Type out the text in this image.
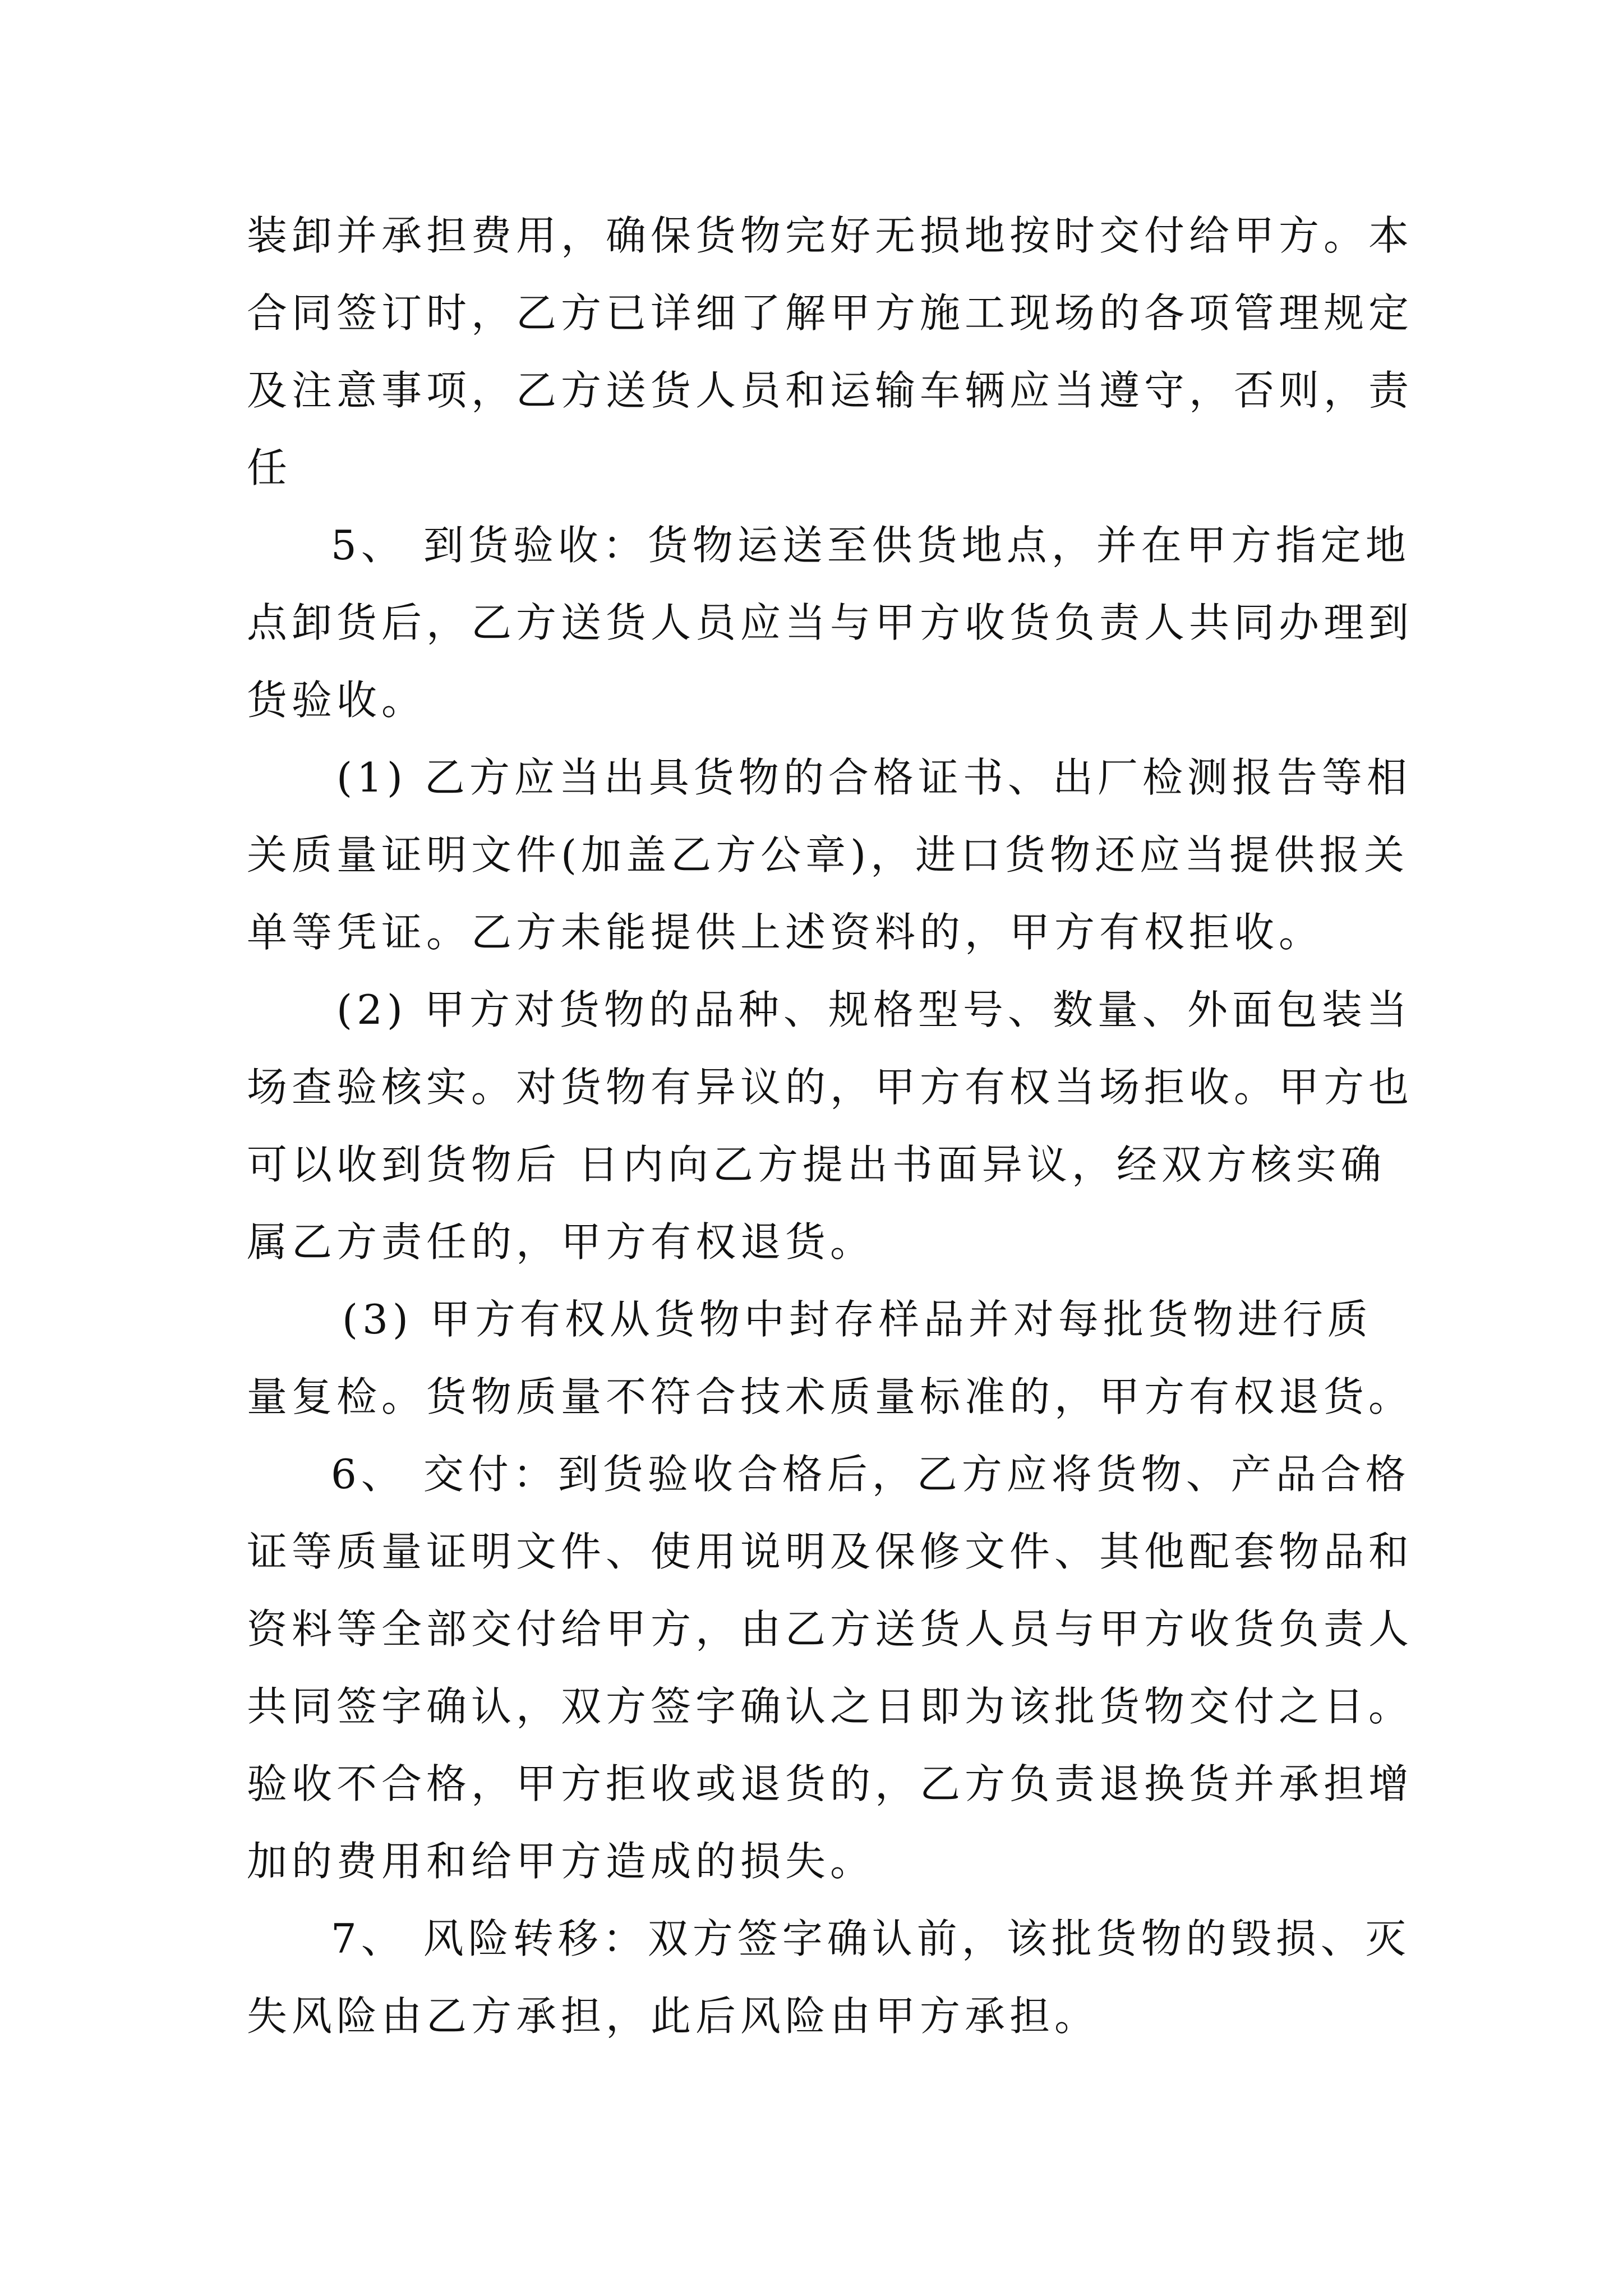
装卸并承担费用，确保货物完好无损地按时交付给甲方。本
合同签订时，乙方已详细了解甲方施工现场的各项管理规定
及注意事项，乙方送货人员和运输车辆应当遵守，否则，责
任
5、 到货验收：货物运送至供货地点，并在甲方指定地
点卸货后，乙方送货人员应当与甲方收货负责人共同办理到
货验收。
(1) 乙方应当出具货物的合格证书、出厂检测报告等相
关质量证明文件(加盖乙方公章)，进口货物还应当提供报关
单等凭证。乙方未能提供上述资料的，甲方有权拒收。
(2) 甲方对货物的品种、规格型号、数量、外面包装当
场查验核实。对货物有异议的，甲方有权当场拒收。甲方也
可以收到货物后 日内向乙方提出书面异议，经双方核实确
属乙方责任的，甲方有权退货。
(3) 甲方有权从货物中封存样品并对每批货物进行质
量复检。货物质量不符合技术质量标准的，甲方有权退货。
6、 交付：到货验收合格后，乙方应将货物、产品合格
证等质量证明文件、使用说明及保修文件、其他配套物品和
资料等全部交付给甲方，由乙方送货人员与甲方收货负责人
共同签字确认，双方签字确认之日即为该批货物交付之日。
验收不合格，甲方拒收或退货的，乙方负责退换货并承担增
加的费用和给甲方造成的损失。
7、 风险转移：双方签字确认前，该批货物的毁损、灭
失风险由乙方承担，此后风险由甲方承担。
